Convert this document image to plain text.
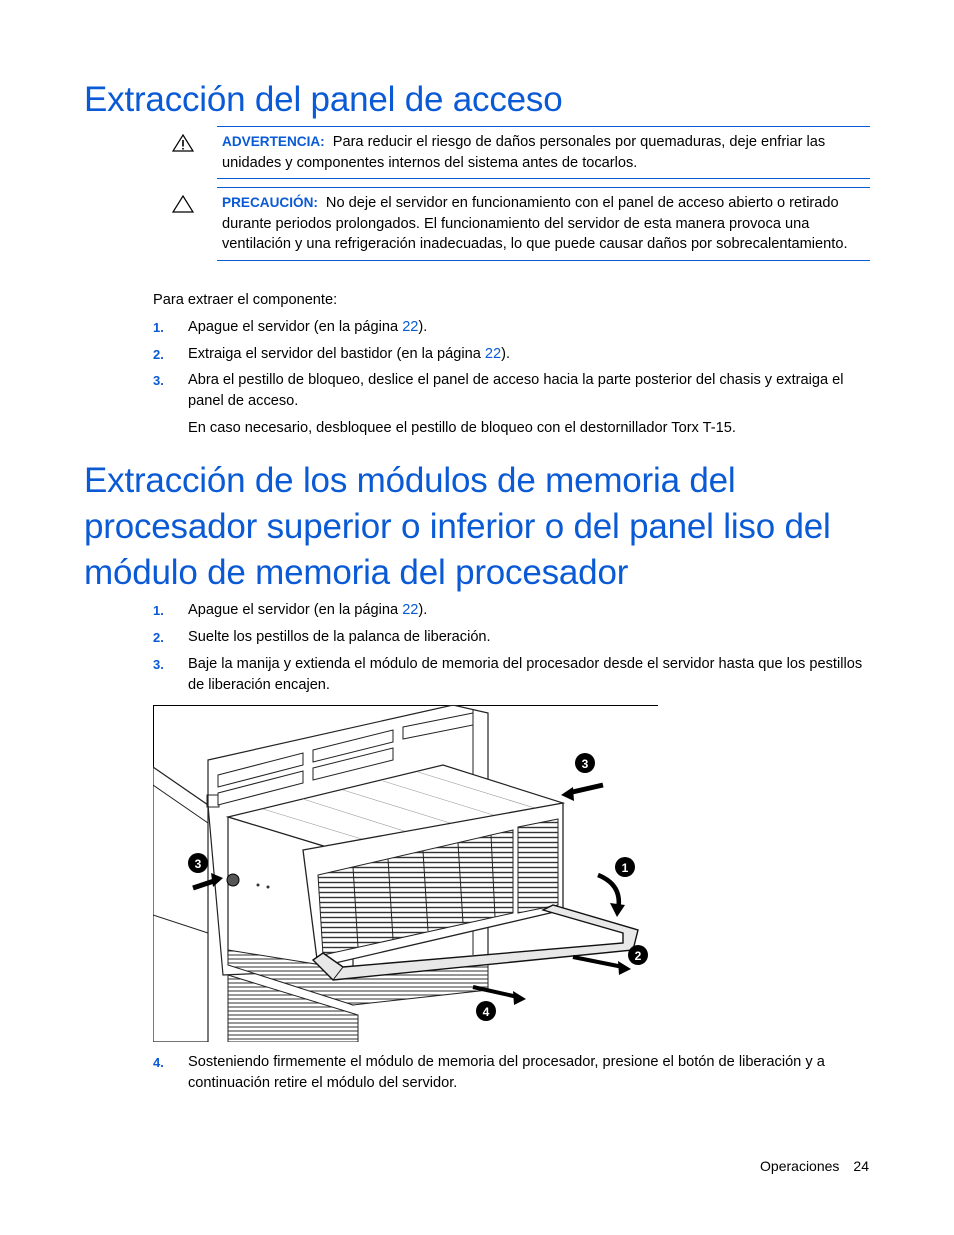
Extracción del panel de acceso
ADVERTENCIA: Para reducir el riesgo de daños personales por quemaduras, deje enfriar las unidades y componentes internos del sistema antes de tocarlos.
PRECAUCIÓN: No deje el servidor en funcionamiento con el panel de acceso abierto o retirado durante periodos prolongados. El funcionamiento del servidor de esta manera provoca una ventilación y una refrigeración inadecuadas, lo que puede causar daños por sobrecalentamiento.
Para extraer el componente:
1. Apague el servidor (en la página 22).
2. Extraiga el servidor del bastidor (en la página 22).
3. Abra el pestillo de bloqueo, deslice el panel de acceso hacia la parte posterior del chasis y extraiga el panel de acceso.
En caso necesario, desbloquee el pestillo de bloqueo con el destornillador Torx T-15.
Extracción de los módulos de memoria del procesador superior o inferior o del panel liso del módulo de memoria del procesador
1. Apague el servidor (en la página 22).
2. Suelte los pestillos de la palanca de liberación.
3. Baje la manija y extienda el módulo de memoria del procesador desde el servidor hasta que los pestillos de liberación encajen.
3
3	1
2
4
4. Sosteniendo firmemente el módulo de memoria del procesador, presione el botón de liberación y a continuación retire el módulo del servidor.
Operaciones 24
